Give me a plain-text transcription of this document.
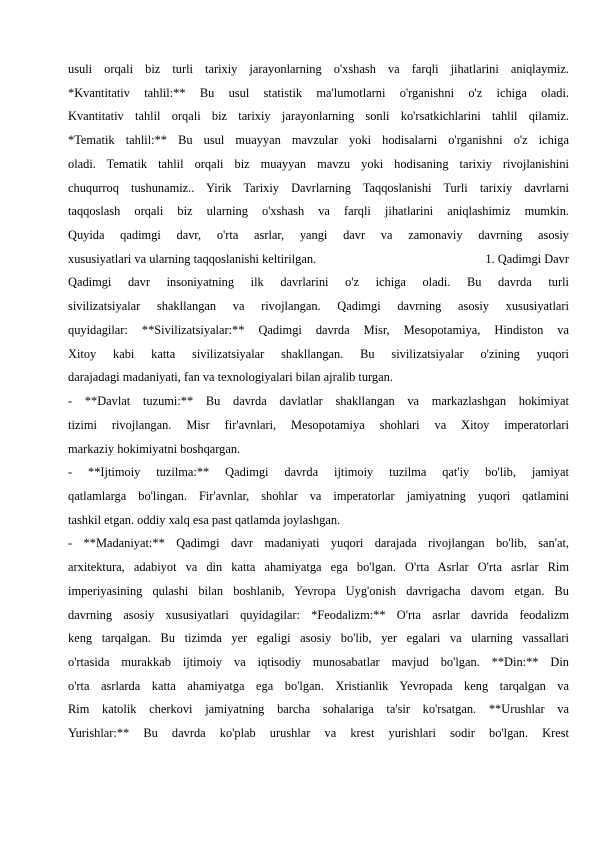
usuli orqali biz turli tarixiy jarayonlarning o'xshash va farqli jihatlarini aniqlaymiz.
*Kvantitativ tahlil:** Bu usul statistik ma'lumotlarni o'rganishni o'z ichiga oladi.
Kvantitativ tahlil orqali biz tarixiy jarayonlarning sonli ko'rsatkichlarini tahlil qilamiz.
*Tematik tahlil:** Bu usul muayyan mavzular yoki hodisalarni o'rganishni o'z ichiga
oladi. Tematik tahlil orqali biz muayyan mavzu yoki hodisaning tarixiy rivojlanishini
chuqurroq tushunamiz.. Yirik Tarixiy Davrlarning Taqqoslanishi Turli tarixiy davrlarni
taqqoslash orqali biz ularning o'xshash va farqli jihatlarini aniqlashimiz mumkin.
Quyida qadimgi davr, o'rta asrlar, yangi davr va zamonaviy davrning asosiy
xususiyatlari va ularning taqqoslanishi keltirilgan.	1. Qadimgi Davr
Qadimgi davr insoniyatning ilk davrlarini o'z ichiga oladi. Bu davrda turli
sivilizatsiyalar shakllangan va rivojlangan. Qadimgi davrning asosiy xususiyatlari
quyidagilar: **Sivilizatsiyalar:** Qadimgi davrda Misr, Mesopotamiya, Hindiston va
Xitoy kabi katta sivilizatsiyalar shakllangan. Bu sivilizatsiyalar o'zining yuqori
darajadagi madaniyati, fan va texnologiyalari bilan ajralib turgan.
- **Davlat tuzumi:** Bu davrda davlatlar shakllangan va markazlashgan hokimiyat
tizimi rivojlangan. Misr fir'avnlari, Mesopotamiya shohlari va Xitoy imperatorlari
markaziy hokimiyatni boshqargan.
- **Ijtimoiy tuzilma:** Qadimgi davrda ijtimoiy tuzilma qat'iy bo'lib, jamiyat
qatlamlarga bo'lingan. Fir'avnlar, shohlar va imperatorlar jamiyatning yuqori qatlamini
tashkil etgan. oddiy xalq esa past qatlamda joylashgan.
- **Madaniyat:** Qadimgi davr madaniyati yuqori darajada rivojlangan bo'lib, san'at,
arxitektura, adabiyot va din katta ahamiyatga ega bo'lgan. O'rta Asrlar O'rta asrlar Rim
imperiyasining qulashi bilan boshlanib, Yevropa Uyg'onish davrigacha davom etgan. Bu
davrning asosiy xususiyatlari quyidagilar: *Feodalizm:** O'rta asrlar davrida feodalizm
keng tarqalgan. Bu tizimda yer egaligi asosiy bo'lib, yer egalari va ularning vassallari
o'rtasida murakkab ijtimoiy va iqtisodiy munosabatlar mavjud bo'lgan. **Din:** Din
o'rta asrlarda katta ahamiyatga ega bo'lgan. Xristianlik Yevropada keng tarqalgan va
Rim katolik cherkovi jamiyatning barcha sohalariga ta'sir ko'rsatgan. **Urushlar va
Yurishlar:** Bu davrda ko'plab urushlar va krest yurishlari sodir bo'lgan. Krest
